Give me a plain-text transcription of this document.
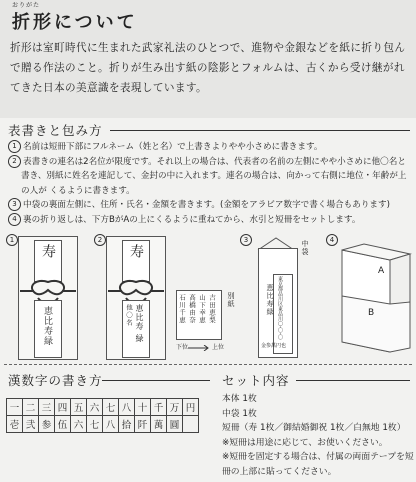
おりがた
折形について
折形は室町時代に生まれた武家礼法のひとつで、進物や金銀などを紙に折り包んで贈る作法のこと。折りが生み出す紙の陰影とフォルムは、古くから受け継がれてきた日本の美意識を表現しています。
表書きと包み方

1 名前は短冊下部にフルネーム（姓と名）で上書きよりやや小さめに書きます。

2 表書きの連名は2名位が限度です。それ以上の場合は、代表者の名前の左側にやや小さめに他〇名と書き、別紙に姓名を連記して、金封の中に入れます。連名の場合は、向かって右側に地位・年齢が上の人が くるように書きます。

3 中袋の裏面左側に、住所・氏名・金額を書きます。(金額をアラビア数字で書く場合もあります)

4 裏の折り返しは、下方BがAの上にくるように重ねてから、水引と短冊をセットします。

1
寿
恵比寿緑
2
寿
恵比寿
他〇名
緑
吉田恵梨
山下幸恵
高橋由奈
石川千恵	別紙
下位	上位
3	中袋
東京都品川区東品川〇-〇-〇
恵比寿緑
金参萬円也
4
A
B
漢数字の書き方
一	二	三	四	五	六	七	八	十	千	万	円
壱	弐	参	伍	六	七	八	拾	阡	萬	圓	
セット内容

本体 1枚

中袋 1枚

短冊（寿 1枚／御結婚御祝 1枚／白無地 1枚）

※短冊は用途に応じて、お使いください。

※短冊を固定する場合は、付属の両面テープを短冊の上部に貼ってください。
